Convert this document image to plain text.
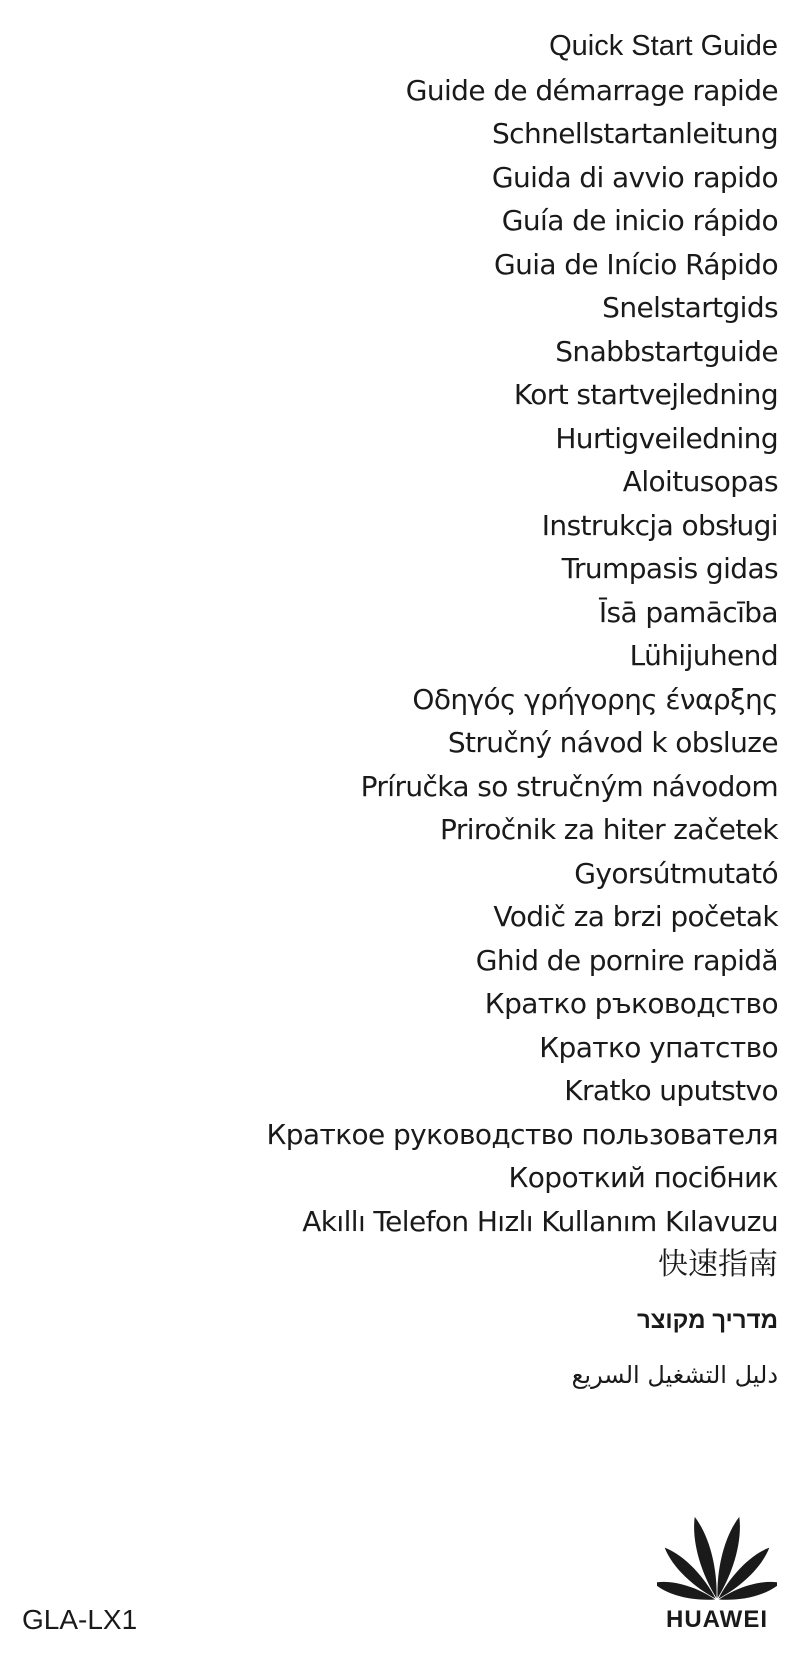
Quick Start Guide
Guide de démarrage rapide
Schnellstartanleitung
Guida di avvio rapido
Guía de inicio rápido
Guia de Início Rápido
Snelstartgids
Snabbstartguide
Kort startvejledning
Hurtigveiledning
Aloitusopas
Instrukcja obsługi
Trumpasis gidas
Īsā pamācība
Lühijuhend
Οδηγός γρήγορης έναρξης
Stručný návod k obsluze
Príručka so stručným návodom
Priročnik za hiter začetek
Gyorsútmutató
Vodič za brzi početak
Ghid de pornire rapidă
Кратко ръководство
Кратко упатство
Kratko uputstvo
Краткое руководство пользователя
Короткий посібник
Akıllı Telefon Hızlı Kullanım Kılavuzu
快速指南
מדריך מקוצר
دليل التشغيل السريع
GLA-LX1	HUAWEI
